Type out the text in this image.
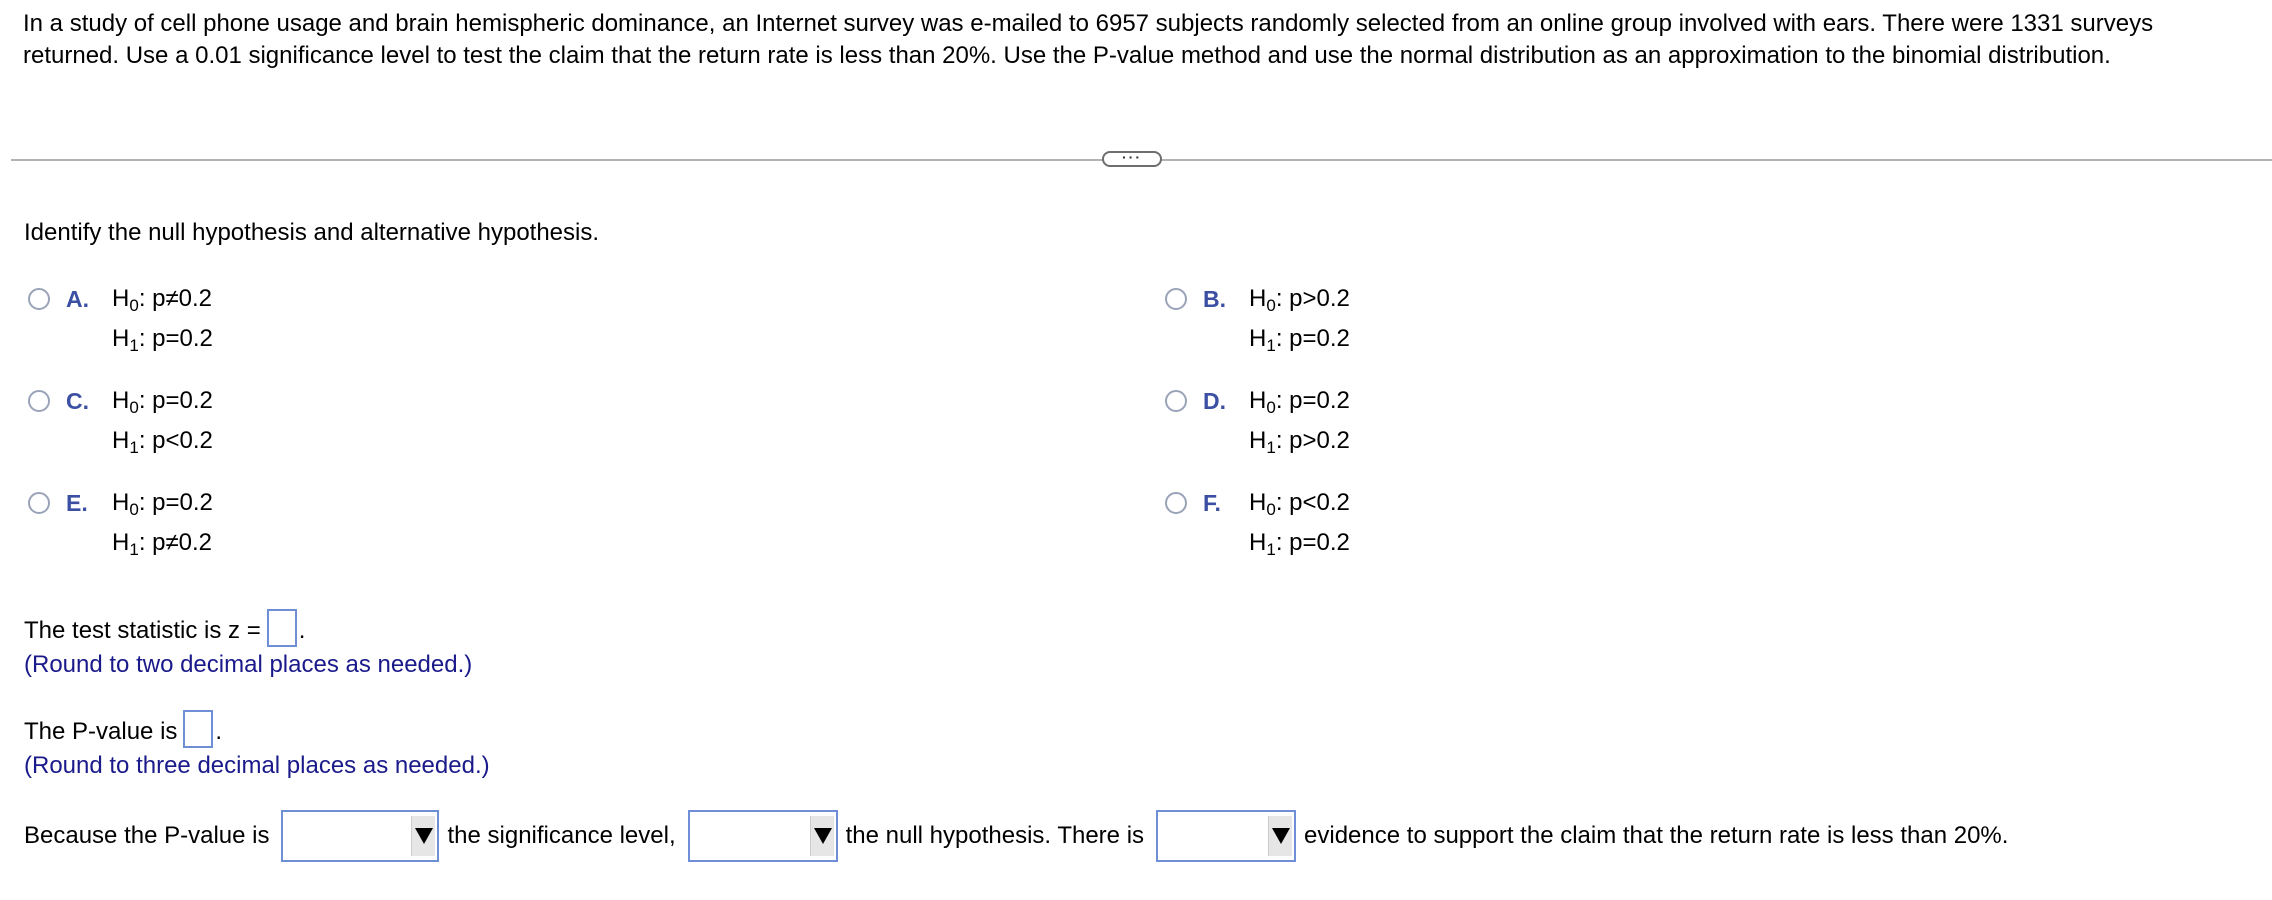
In a study of cell phone usage and brain hemispheric dominance, an Internet survey was e-mailed to 6957 subjects randomly selected from an online group involved with ears. There were 1331 surveys returned. Use a 0.01 significance level to test the claim that the return rate is less than 20%. Use the P-value method and use the normal distribution as an approximation to the binomial distribution.
···
Identify the null hypothesis and alternative hypothesis.
A. $H_0$: p≠0.2
$H_1$: p=0.2
B. $H_0$: p>0.2
$H_1$: p=0.2
C. $H_0$: p=0.2
$H_1$: p<0.2
D. $H_0$: p=0.2
$H_1$: p>0.2
E. $H_0$: p=0.2
$H_1$: p≠0.2
F. $H_0$: p<0.2
$H_1$: p=0.2
The test statistic is z = .
(Round to two decimal places as needed.)
The P-value is .
(Round to three decimal places as needed.)
Because the P-value is	the significance level,	the null hypothesis. There is	evidence to support the claim that the return rate is less than 20%.
